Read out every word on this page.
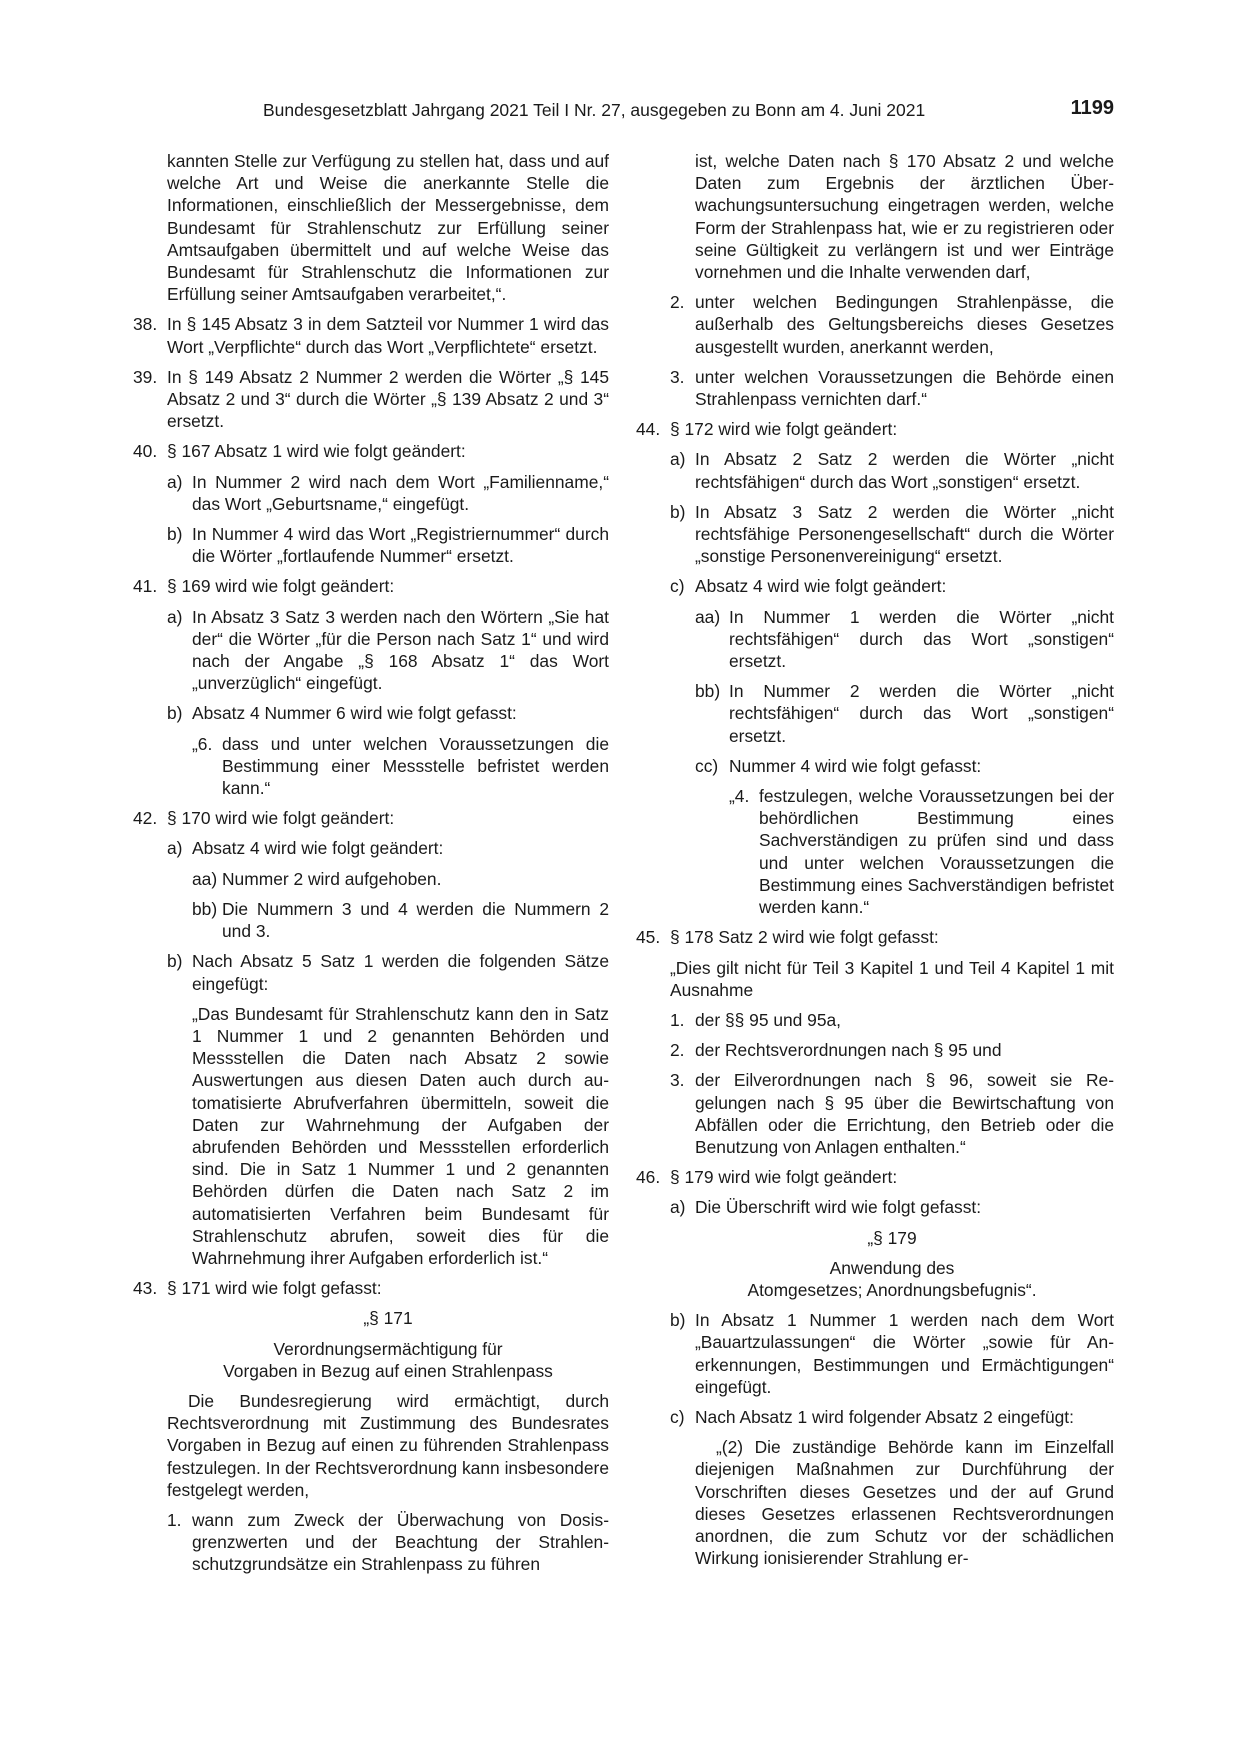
Bundesgesetzblatt Jahrgang 2021 Teil I Nr. 27, ausgegeben zu Bonn am 4. Juni 2021	1199

kannten Stelle zur Verfügung zu stellen hat, dass und auf welche Art und Weise die anerkannte Stelle die Informationen, einschließlich der Messergebnisse, dem Bundesamt für Strahlenschutz zur Erfüllung seiner Amtsaufgaben übermittelt und auf welche Weise das Bundesamt für Strahlenschutz die Informationen zur Erfüllung seiner Amtsaufgaben verarbeitet,“.

38. In § 145 Absatz 3 in dem Satzteil vor Nummer 1 wird das Wort „Verpflichte“ durch das Wort „Verpflichtete“ ersetzt.
39. In § 149 Absatz 2 Nummer 2 werden die Wörter „§ 145 Absatz 2 und 3“ durch die Wörter „§ 139 Absatz 2 und 3“ ersetzt.
40. § 167 Absatz 1 wird wie folgt geändert:
a) In Nummer 2 wird nach dem Wort „Familienname,“ das Wort „Geburtsname,“ eingefügt.
b) In Nummer 4 wird das Wort „Registriernummer“ durch die Wörter „fortlaufende Nummer“ ersetzt.
41. § 169 wird wie folgt geändert:
a) In Absatz 3 Satz 3 werden nach den Wörtern „Sie hat der“ die Wörter „für die Person nach Satz 1“ und wird nach der Angabe „§ 168 Absatz 1“ das Wort „unverzüglich“ eingefügt.
b) Absatz 4 Nummer 6 wird wie folgt gefasst:
„6. dass und unter welchen Voraussetzungen die Bestimmung einer Messstelle befristet werden kann.“
42. § 170 wird wie folgt geändert:
a) Absatz 4 wird wie folgt geändert:
aa) Nummer 2 wird aufgehoben.
bb) Die Nummern 3 und 4 werden die Nummern 2 und 3.
b) Nach Absatz 5 Satz 1 werden die folgenden Sätze eingefügt:

„Das Bundesamt für Strahlenschutz kann den in Satz 1 Nummer 1 und 2 genannten Behörden und Messstellen die Daten nach Absatz 2 sowie Auswertungen aus diesen Daten auch durch automatisierte Abrufverfahren übermitteln, soweit die Daten zur Wahrnehmung der Aufgaben der abrufenden Behörden und Messstellen erforderlich sind. Die in Satz 1 Nummer 1 und 2 genannten Behörden dürfen die Daten nach Satz 2 im automatisierten Verfahren beim Bundesamt für Strahlenschutz abrufen, soweit dies für die Wahrnehmung ihrer Aufgaben erforderlich ist.“

43. § 171 wird wie folgt gefasst:

„§ 171

Verordnungsermächtigung für

Vorgaben in Bezug auf einen Strahlenpass

Die Bundesregierung wird ermächtigt, durch Rechtsverordnung mit Zustimmung des Bundesrates Vorgaben in Bezug auf einen zu führenden Strahlenpass festzulegen. In der Rechtsverordnung kann insbesondere festgelegt werden,

1. wann zum Zweck der Überwachung von Dosisgrenzwerten und der Beachtung der Strahlenschutzgrundsätze ein Strahlenpass zu führen

ist, welche Daten nach § 170 Absatz 2 und welche Daten zum Ergebnis der ärztlichen Überwachungsuntersuchung eingetragen werden, welche Form der Strahlenpass hat, wie er zu registrieren oder seine Gültigkeit zu verlängern ist und wer Einträge vornehmen und die Inhalte verwenden darf,

2. unter welchen Bedingungen Strahlenpässe, die außerhalb des Geltungsbereichs dieses Gesetzes ausgestellt wurden, anerkannt werden,
3. unter welchen Voraussetzungen die Behörde einen Strahlenpass vernichten darf.“
44. § 172 wird wie folgt geändert:
a) In Absatz 2 Satz 2 werden die Wörter „nicht rechtsfähigen“ durch das Wort „sonstigen“ ersetzt.
b) In Absatz 3 Satz 2 werden die Wörter „nicht rechtsfähige Personengesellschaft“ durch die Wörter „sonstige Personenvereinigung“ ersetzt.
c) Absatz 4 wird wie folgt geändert:
aa) In Nummer 1 werden die Wörter „nicht rechtsfähigen“ durch das Wort „sonstigen“ ersetzt.
bb) In Nummer 2 werden die Wörter „nicht rechtsfähigen“ durch das Wort „sonstigen“ ersetzt.
cc) Nummer 4 wird wie folgt gefasst:
„4. festzulegen, welche Voraussetzungen bei der behördlichen Bestimmung eines Sachverständigen zu prüfen sind und dass und unter welchen Voraussetzungen die Bestimmung eines Sachverständigen befristet werden kann.“
45. § 178 Satz 2 wird wie folgt gefasst:

„Dies gilt nicht für Teil 3 Kapitel 1 und Teil 4 Kapitel 1 mit Ausnahme

1. der §§ 95 und 95a,
2. der Rechtsverordnungen nach § 95 und
3. der Eilverordnungen nach § 96, soweit sie Regelungen nach § 95 über die Bewirtschaftung von Abfällen oder die Errichtung, den Betrieb oder die Benutzung von Anlagen enthalten.“
46. § 179 wird wie folgt geändert:
a) Die Überschrift wird wie folgt gefasst:

„§ 179

Anwendung des

Atomgesetzes; Anordnungsbefugnis“.

b) In Absatz 1 Nummer 1 werden nach dem Wort „Bauartzulassungen“ die Wörter „sowie für Anerkennungen, Bestimmungen und Ermächtigungen“ eingefügt.
c) Nach Absatz 1 wird folgender Absatz 2 eingefügt:

„(2) Die zuständige Behörde kann im Einzelfall diejenigen Maßnahmen zur Durchführung der Vorschriften dieses Gesetzes und der auf Grund dieses Gesetzes erlassenen Rechtsverordnungen anordnen, die zum Schutz vor der schädlichen Wirkung ionisierender Strahlung er-
